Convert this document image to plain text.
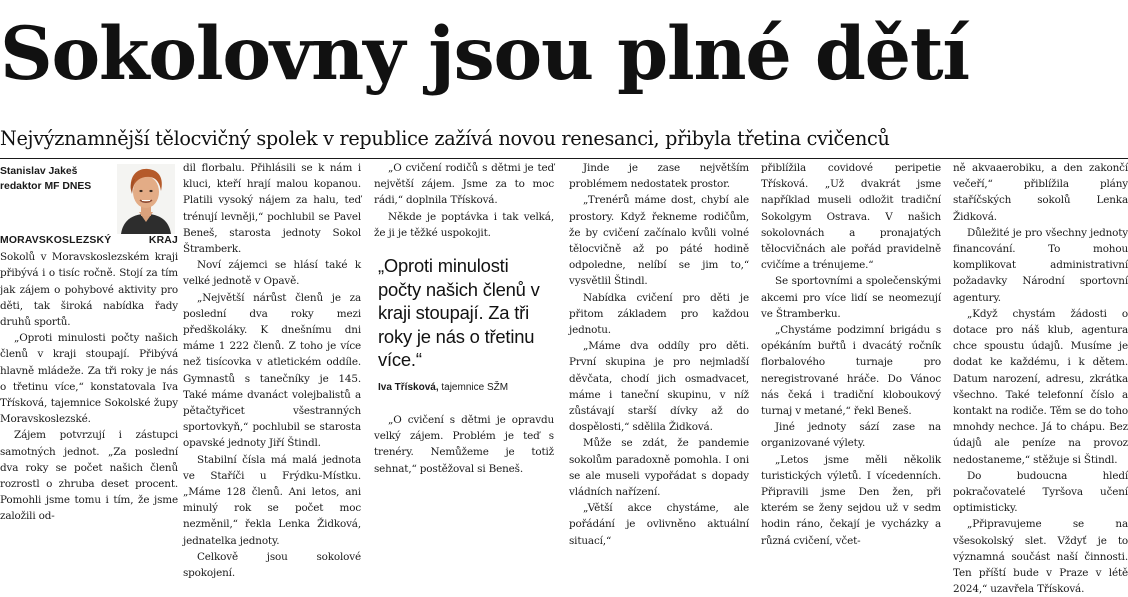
Sokolovny jsou plné dětí
Nejvýznamnější tělocvičný spolek v republice zažívá novou renesanci, přibyla třetina cvičenců
Stanislav Jakeš
redaktor MF DNES

MORAVSKOSLEZSKÝ KRAJ Sokolů v Moravskoslezském kraji přibývá i o tisíc ročně. Stojí za tím jak zájem o pohybové aktivity pro děti, tak široká nabídka řady druhů sportů.

„Oproti minulosti počty našich členů v kraji stoupají. Přibývá hlavně mládeže. Za tři roky je nás o třetinu více,“ konstatovala Iva Třísková, tajemnice Sokolské župy Moravskoslezské.

Zájem potvrzují i zástupci samotných jednot. „Za poslední dva roky se počet našich členů rozrostl o zhruba deset procent. Pomohli jsme tomu i tím, že jsme založili od-

dil florbalu. Přihlásili se k nám i kluci, kteří hrají malou kopanou. Platili vysoký nájem za halu, teď trénují levněji,“ pochlubil se Pavel Beneš, starosta jednoty Sokol Štramberk.

Noví zájemci se hlásí také k velké jednotě v Opavě.

„Největší nárůst členů je za poslední dva roky mezi předškoláky. K dnešnímu dni máme 1 222 členů. Z toho je více než tisícovka v atletickém oddíle. Gymnastů s tanečníky je 145. Také máme dvanáct volejbalistů a pětačtyřicet všestranných sportovkyň,“ pochlubil se starosta opavské jednoty Jiří Štindl.

Stabilní čísla má malá jednota ve Staříči u Frýdku-Místku. „Máme 128 členů. Ani letos, ani minulý rok se počet moc nezměnil,“ řekla Lenka Židková, jednatelka jednoty.

Celkově jsou sokolové spokojení.

„O cvičení rodičů s dětmi je teď největší zájem. Jsme za to moc rádi,“ doplnila Třísková.

Někde je poptávka i tak velká, že ji je těžké uspokojit.

„Oproti minulosti počty našich členů v kraji stoupají. Za tři roky je nás o třetinu více.“
Iva Třísková, tajemnice SŽM

„O cvičení s dětmi je opravdu velký zájem. Problém je teď s trenéry. Nemůžeme je totiž sehnat,“ postěžoval si Beneš.

Jinde je zase největším problémem nedostatek prostor.

„Trenérů máme dost, chybí ale prostory. Když řekneme rodičům, že by cvičení začínalo kvůli volné tělocvičně až po páté hodině odpoledne, nelíbí se jim to,“ vysvětlil Štindl.

Nabídka cvičení pro děti je přitom základem pro každou jednotu.

„Máme dva oddíly pro děti. První skupina je pro nejmladší děvčata, chodí jich osmadvacet, máme i taneční skupinu, v níž zůstávají starší dívky až do dospělosti,“ sdělila Židková.

Může se zdát, že pandemie sokolům paradoxně pomohla. I oni se ale museli vypořádat s dopady vládních nařízení.

„Větší akce chystáme, ale pořádání je ovlivněno aktuální situací,“

přiblížila covidové peripetie Třísková. „Už dvakrát jsme například museli odložit tradiční Sokolgym Ostrava. V našich sokolovnách a pronajatých tělocvičnách ale pořád pravidelně cvičíme a trénujeme.“

Se sportovními a společenskými akcemi pro více lidí se neomezují ve Štramberku.

„Chystáme podzimní brigádu s opékáním buřtů i dvacátý ročník florbalového turnaje pro neregistrované hráče. Do Vánoc nás čeká i tradiční kloboukový turnaj v metané,“ řekl Beneš.

Jiné jednoty sází zase na organizované výlety.

„Letos jsme měli několik turistických výletů. I vícedenních. Připravili jsme Den žen, při kterém se ženy sejdou už v sedm hodin ráno, čekají je vycházky a různá cvičení, včet-

ně akvaaerobiku, a den zakončí večeří,“ přiblížila plány staříčských sokolů Lenka Židková.

Důležité je pro všechny jednoty financování. To mohou komplikovat administrativní požadavky Národní sportovní agentury.

„Když chystám žádosti o dotace pro náš klub, agentura chce spoustu údajů. Musíme je dodat ke každému, i k dětem. Datum narození, adresu, zkrátka všechno. Také telefonní číslo a kontakt na rodiče. Těm se do toho mnohdy nechce. Já to chápu. Bez údajů ale peníze na provoz nedostaneme,“ stěžuje si Štindl.

Do budoucna hledí pokračovatelé Tyršova učení optimisticky.

„Připravujeme se na všesokolský slet. Vždyť je to významná součást naší činnosti. Ten příští bude v Praze v létě 2024,“ uzavřela Třísková.
